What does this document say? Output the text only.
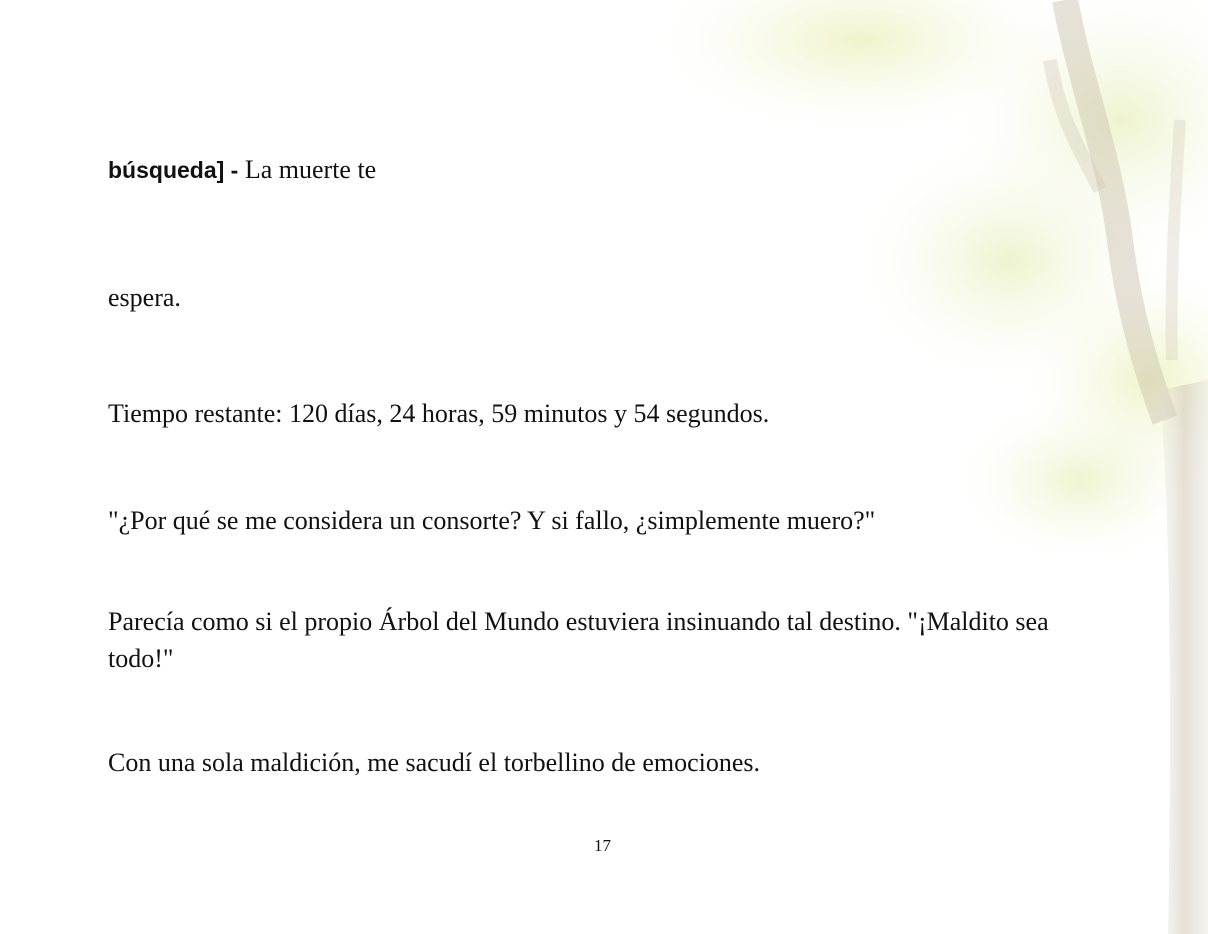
búsqueda] - La muerte te
espera.
Tiempo restante: 120 días, 24 horas, 59 minutos y 54 segundos.
"¿Por qué se me considera un consorte? Y si fallo, ¿simplemente muero?"
Parecía como si el propio Árbol del Mundo estuviera insinuando tal destino. "¡Maldito sea
todo!"
Con una sola maldición, me sacudí el torbellino de emociones.
17
